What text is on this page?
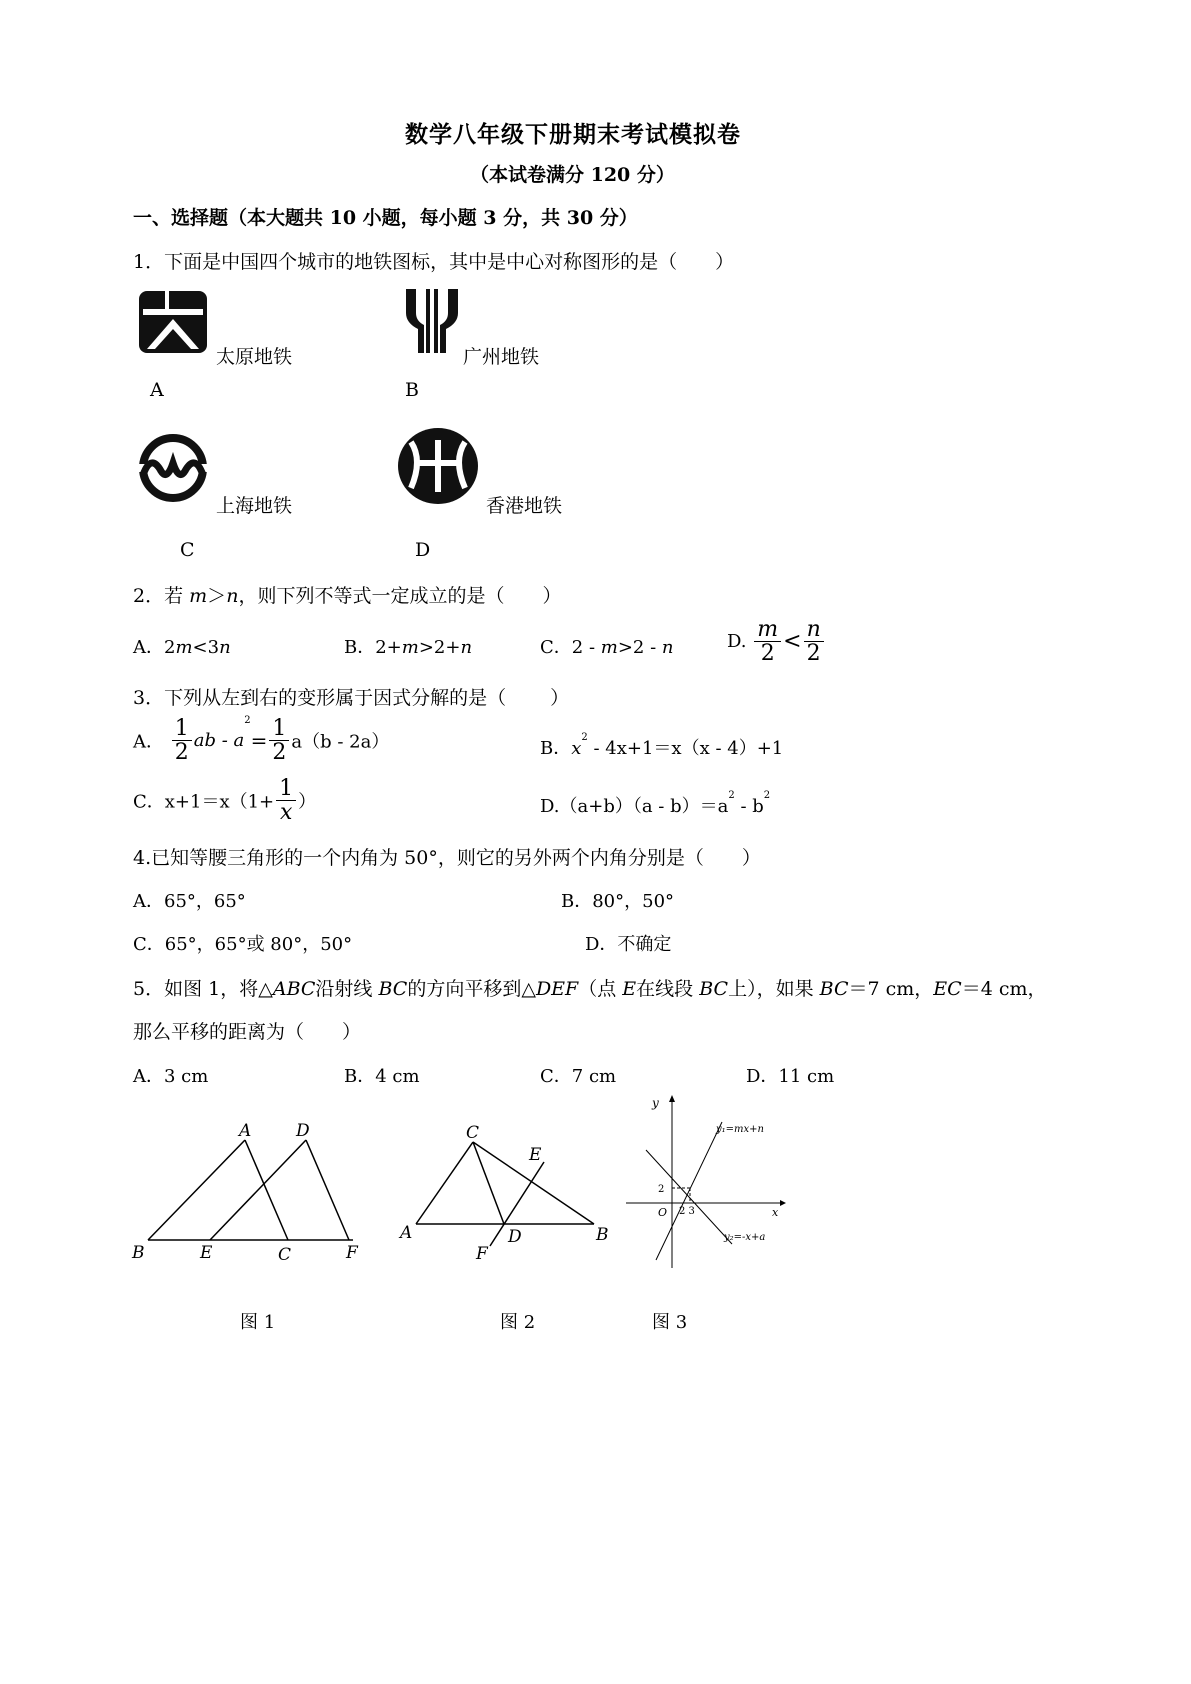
数学八年级下册期末考试模拟卷
（本试卷满分 120 分）
一、选择题（本大题共 10 小题，每小题 3 分，共 30 分）
1．下面是中国四个城市的地铁图标，其中是中心对称图形的是（　　）
太原地铁
A
广州地铁
B
上海地铁
C
香港地铁
D
2．若 m＞n，则下列不等式一定成立的是（　　）
A．2m<3n	B．2+m>2+n	C．2 - m>2 - n	D. $\frac{m}{2} < \frac{n}{2}$
3．下列从左到右的变形属于因式分解的是（　　 ）
A． $\frac{1}{2}$ ab - $a^2= \frac{1}{2} a(b - 2a)$	B．$x^2 - 4x+1=x(x - 4)+1$
C．$x+1=x(1+ \frac{1}{x}$ ）	$D.(a+b)(a - b)=a^2 - b^2$
4.已知等腰三角形的一个内角为 50°，则它的另外两个内角分别是（　　）
A．65°，65°	B．80°，50°
C．65°，65°或 80°，50°	D．不确定
5．如图 1，将△ABC沿射线 BC的方向平移到△DEF（点 E在线段 BC上），如果 BC＝7 cm，EC＝4 cm，
那么平移的距离为（　　）
A．3 cm	B．4 cm	C．7 cm	D．11 cm
A	D
B	E	C	F
图 1
C
E
A	B
D
F
图 2
y
x
O
2
2 3
y₁=mx+n
y₂=-x+a
图 3
